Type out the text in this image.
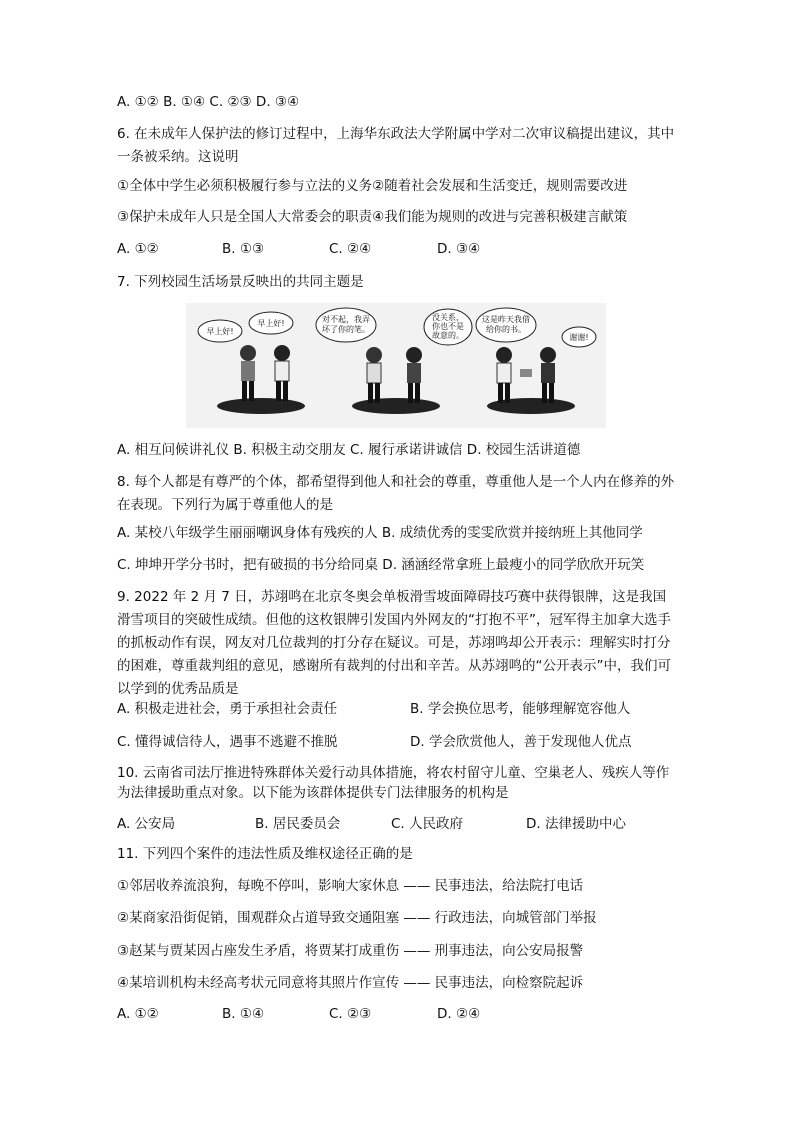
A. ①② B. ①④ C. ②③ D. ③④
6. 在未成年人保护法的修订过程中，上海华东政法大学附属中学对二次审议稿提出建议，其中一条被采纳。这说明
①全体中学生必须积极履行参与立法的义务②随着社会发展和生活变迁，规则需要改进
③保护未成年人只是全国人大常委会的职责④我们能为规则的改进与完善积极建言献策
A. ①②	B. ①③	C. ②④	D. ③④
7. 下列校园生活场景反映出的共同主题是
早上好!
早上好!	对不起，我弄
坏了你的笔。
没关系，
你也不是
故意的。
这是昨天我借
给你的书。
谢谢!
A. 相互问候讲礼仪 B. 积极主动交朋友 C. 履行承诺讲诚信 D. 校园生活讲道德
8. 每个人都是有尊严的个体，都希望得到他人和社会的尊重，尊重他人是一个人内在修养的外在表现。下列行为属于尊重他人的是
A. 某校八年级学生丽丽嘲讽身体有残疾的人 B. 成绩优秀的雯雯欣赏并接纳班上其他同学
C. 坤坤开学分书时，把有破损的书分给同桌 D. 涵涵经常拿班上最瘦小的同学欣欣开玩笑
9. 2022 年 2 月 7 日，苏翊鸣在北京冬奥会单板滑雪坡面障碍技巧赛中获得银牌，这是我国滑雪项目的突破性成绩。但他的这枚银牌引发国内外网友的“打抱不平”，冠军得主加拿大选手的抓板动作有误，网友对几位裁判的打分存在疑议。可是，苏翊鸣却公开表示：理解实时打分的困难，尊重裁判组的意见，感谢所有裁判的付出和辛苦。从苏翊鸣的“公开表示”中，我们可以学到的优秀品质是
A. 积极走进社会，勇于承担社会责任	B. 学会换位思考，能够理解宽容他人
C. 懂得诚信待人，遇事不逃避不推脱	D. 学会欣赏他人，善于发现他人优点
10. 云南省司法厅推进特殊群体关爱行动具体措施，将农村留守儿童、空巢老人、残疾人等作为法律援助重点对象。以下能为该群体提供专门法律服务的机构是
A. 公安局	B. 居民委员会	C. 人民政府	D. 法律援助中心
11. 下列四个案件的违法性质及维权途径正确的是
①邻居收养流浪狗，每晚不停叫，影响大家休息 —— 民事违法，给法院打电话
②某商家沿街促销，围观群众占道导致交通阻塞 —— 行政违法，向城管部门举报
③赵某与贾某因占座发生矛盾，将贾某打成重伤 —— 刑事违法，向公安局报警
④某培训机构未经高考状元同意将其照片作宣传 —— 民事违法，向检察院起诉
A. ①②	B. ①④	C. ②③	D. ②④
